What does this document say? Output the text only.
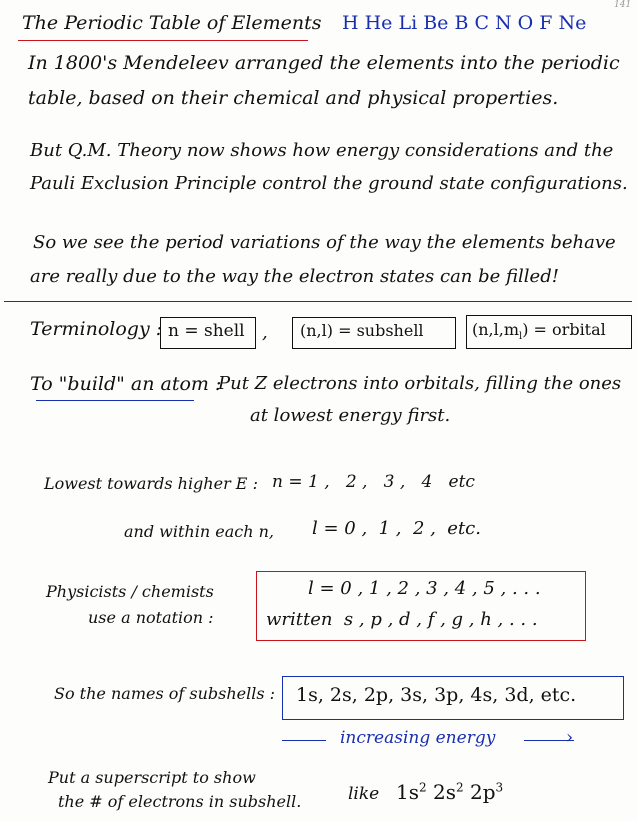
141
The Periodic Table of Elements H He Li Be B C N O F Ne
In 1800's Mendeleev arranged the elements into the periodic
table, based on their chemical and physical properties.
But Q.M. Theory now shows how energy considerations and the
Pauli Exclusion Principle control the ground state configurations.
So we see the period variations of the way the elements behave
are really due to the way the electron states can be filled!
Terminology : n = shell , (n,l) = subshell	$(n,l,m_l)$ = orbital
To "build" an atom :
Put Z electrons into orbitals, filling the ones
at lowest energy first.
Lowest towards higher E : n = 1 ,   2 ,   3 ,   4   etc
and within each n, l = 0 ,  1 ,  2 ,  etc.
Physicists / chemists
use a notation :
l = 0 , 1 , 2 , 3 , 4 , 5 , . . .
written  s , p , d , f , g , h , . . .
So the names of subshells : 1s, 2s, 2p, 3s, 3p, 4s, 3d, etc.
increasing energy	›
Put a superscript to show
the # of electrons in subshell.	like $1s^2$ $2s^2$ $2p^3$
